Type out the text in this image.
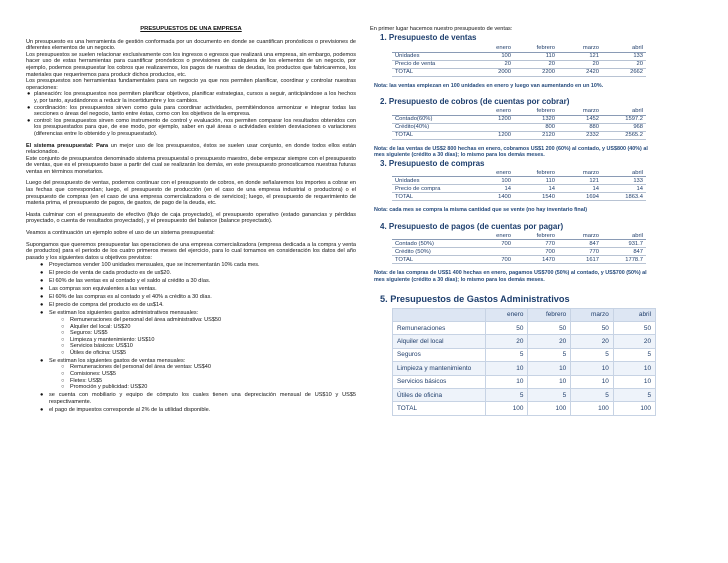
PRESUPUESTOS DE UNA EMPRESA
Un presupuesto es una herramienta de gestión conformada por un documento en donde se cuantifican pronósticos o previsiones de diferentes elementos de un negocio.
Los presupuestos se suelen relacionar exclusivamente con los ingresos o egresos que realizará una empresa, sin embargo, podemos hacer uso de estas herramientas para cuantificar pronósticos o previsiones de cualquiera de los elementos de un negocio, por ejemplo, podemos presupuestar los cobros que realizaremos, los pagos de nuestras de deudas, los productos que fabricaremos, los materiales que requeriremos para producir dichos productos, etc.
Los presupuestos son herramientas fundamentales para un negocio ya que nos permiten planificar, coordinar y controlar nuestras operaciones:
● planeación: los presupuestos nos permiten planificar objetivos, planificar estrategias, cursos a seguir, anticipándose a los hechos y, por tanto, ayudándonos a reducir la incertidumbre y los cambios.
● coordinación: los presupuestos sirven como guía para coordinar actividades, permitiéndonos armonizar e integrar todas las secciones o áreas del negocio, tanto entre éstas, como con los objetivos de la empresa.
● control: los presupuestos sirven como instrumento de control y evaluación, nos permiten comparar los resultados obtenidos con los presupuestados para que, de ese modo, por ejemplo, saber en qué áreas o actividades existen desviaciones o variaciones (diferencias entre lo obtenido y lo presupuestado).
El sistema presupuestal: Para un mejor uso de los presupuestos, éstos se suelen usar conjunto, en donde todos ellos están relacionados.
Este conjunto de presupuestos denominado sistema presupuestal o presupuesto maestro, debe empezar siempre con el presupuesto de ventas, que es el presupuesto base a partir del cual se realizarán los demás, en este presupuesto pronosticamos nuestras futuras ventas en términos monetarios.
Luego del presupuesto de ventas, podemos continuar con el presupuesto de cobros, en donde señalaremos los importes a cobrar en las fechas que correspondan; luego, el presupuesto de producción (en el caso de una empresa industrial o productora) o el presupuesto de compras (en el caso de una empresa comercializadora o de servicios); luego, el presupuesto de requerimiento de materia prima, el presupuesto de pagos, de gastos, de pago de la deuda, etc.
Hasta culminar con el presupuesto de efectivo (flujo de caja proyectado), el presupuesto operativo (estado ganancias y pérdidas proyectado, o cuenta de resultados proyectado), y el presupuesto del balance (balance proyectado).
Veamos a continuación un ejemplo sobre el uso de un sistema presupuestal:
Supongamos que queremos presupuestar las operaciones de una empresa comercializadora (empresa dedicada a la compra y venta de productos) para el periodo de los cuatro primeros meses del ejercicio, para lo cual tomamos en consideración los datos del año pasado y los siguientes datos u objetivos previstos:
● Proyectamos vender 100 unidades mensuales, que se incrementarán 10% cada mes.
● El precio de venta de cada producto es de us$20.
● El 60% de las ventas es al contado y el saldo al crédito a 30 días.
● Las compras son equivalentes a las ventas.
● El 60% de las compras es al contado y el 40% a crédito a 30 días.
● El precio de compra del producto es de us$14.
● Se estiman los siguientes gastos administrativos mensuales:
○ Remuneraciones del personal del área administrativa: US$50
○ Alquiler del local: US$20
○ Seguros: US$5
○ Limpieza y mantenimiento: US$10
○ Servicios básicos: US$10
○ Útiles de oficina: US$5
● Se estiman los siguientes gastos de ventas mensuales:
○ Remuneraciones del personal del área de ventas: US$40
○ Comisiones: US$5
○ Fletes: US$5
○ Promoción y publicidad: US$20
● se cuenta con mobiliario y equipo de cómputo los cuales tienen una depreciación mensual de US$10 y US$5 respectivamente.
● el pago de impuestos corresponde al 2% de la utilidad disponible.
En primer lugar hacemos nuestro presupuesto de ventas:
1. Presupuesto de ventas
	enero	febrero	marzo	abril
Unidades	100	110	121	133
Precio de venta	20	20	20	20
TOTAL	2000	2200	2420	2662
Nota: las ventas empiezan en 100 unidades en enero y luego van aumentando en un 10%.
2. Presupuesto de cobros (de cuentas por cobrar)
	enero	febrero	marzo	abril
Contado(60%)	1200	1320	1452	1597.2
Crédito(40%)		800	880	968
TOTAL	1200	2120	2332	2565.2
Nota: de las ventas de US$2 800 hechas en enero, cobramos US$1 200 (60%) al contado, y US$800 (40%) al mes siguiente (crédito a 30 días); lo mismo para los demás meses.
3. Presupuesto de compras
	enero	febrero	marzo	abril
Unidades	100	110	121	133
Precio de compra	14	14	14	14
TOTAL	1400	1540	1694	1863.4
Nota: cada mes se compra la misma cantidad que se vente (no hay inventario final)
4. Presupuesto de pagos (de cuentas por pagar)
	enero	febrero	marzo	abril
Contado (50%)	700	770	847	931.7
Crédito (50%)		700	770	847
TOTAL	700	1470	1617	1778.7
Nota: de las compras de US$1 400 hechas en enero, pagamos US$700 (50%) al contado, y US$700 (50%) al mes siguiente (crédito a 30 días); lo mismo para los demás meses.
5. Presupuestos de Gastos Administrativos
	enero	febrero	marzo	abril
Remuneraciones	50	50	50	50
Alquiler del local	20	20	20	20
Seguros	5	5	5	5
Limpieza y mantenimiento	10	10	10	10
Servicios básicos	10	10	10	10
Útiles de oficina	5	5	5	5
TOTAL	100	100	100	100
